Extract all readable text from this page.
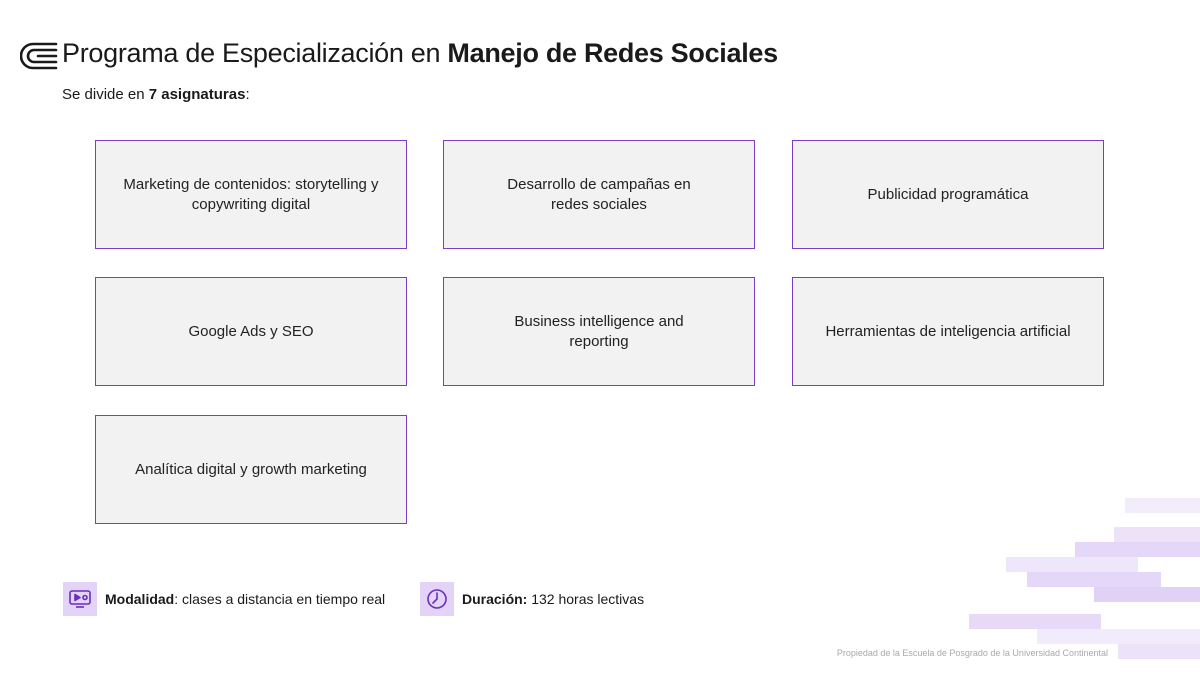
Programa de Especialización en Manejo de Redes Sociales
Se divide en 7 asignaturas:
Marketing de contenidos: storytelling y copywriting digital
Desarrollo de campañas en redes sociales
Publicidad programática
Google Ads y SEO
Business intelligence and reporting
Herramientas de inteligencia artificial
Analítica digital y growth marketing
Modalidad: clases a distancia en tiempo real	Duración: 132 horas lectivas
Propiedad de la Escuela de Posgrado de la Universidad Continental
